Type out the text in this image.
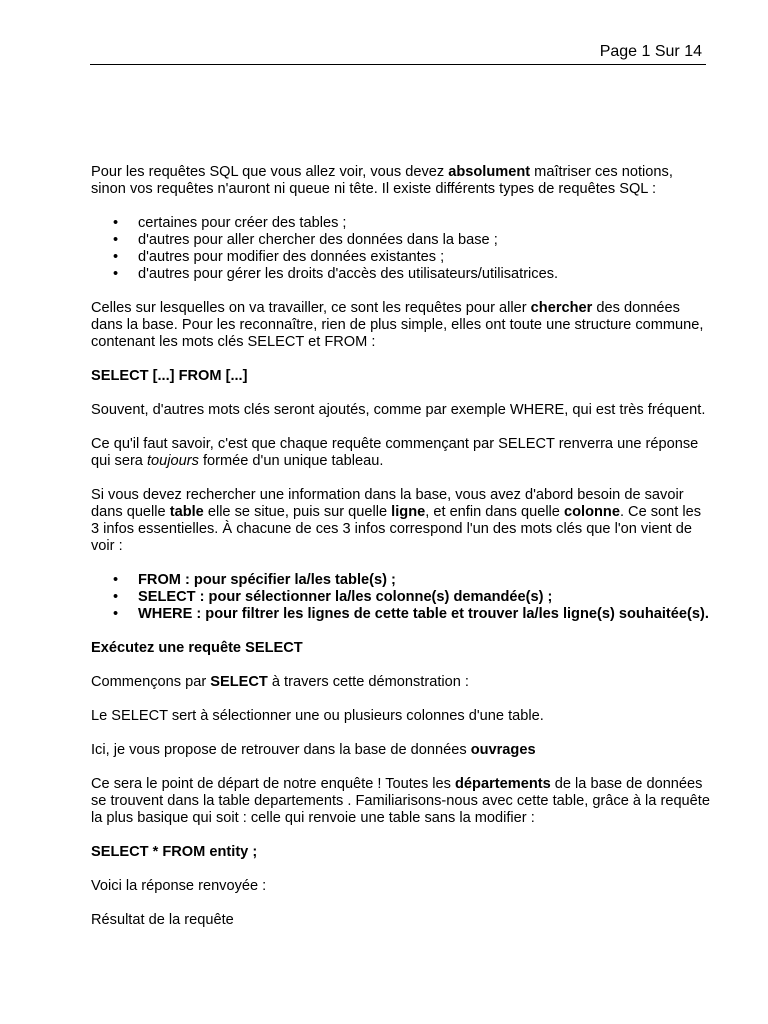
Page 1 Sur 14

Pour les requêtes SQL que vous allez voir, vous devez absolument maîtriser ces notions, sinon vos requêtes n'auront ni queue ni tête. Il existe différents types de requêtes SQL :

• certaines pour créer des tables ;
• d'autres pour aller chercher des données dans la base ;
• d'autres pour modifier des données existantes ;
• d'autres pour gérer les droits d'accès des utilisateurs/utilisatrices.

Celles sur lesquelles on va travailler, ce sont les requêtes pour aller chercher des données dans la base. Pour les reconnaître, rien de plus simple, elles ont toute une structure commune, contenant les mots clés SELECT et FROM :

SELECT [...] FROM [...]

Souvent, d'autres mots clés seront ajoutés, comme par exemple WHERE, qui est très fréquent.

Ce qu'il faut savoir, c'est que chaque requête commençant par SELECT renverra une réponse qui sera toujours formée d'un unique tableau.

Si vous devez rechercher une information dans la base, vous avez d'abord besoin de savoir dans quelle table elle se situe, puis sur quelle ligne, et enfin dans quelle colonne. Ce sont les 3 infos essentielles. À chacune de ces 3 infos correspond l'un des mots clés que l'on vient de voir :

• FROM : pour spécifier la/les table(s) ;
• SELECT : pour sélectionner la/les colonne(s) demandée(s) ;
• WHERE : pour filtrer les lignes de cette table et trouver la/les ligne(s) souhaitée(s).

Exécutez une requête SELECT

Commençons par SELECT à travers cette démonstration :

Le SELECT sert à sélectionner une ou plusieurs colonnes d'une table.

Ici, je vous propose de retrouver dans la base de données ouvrages

Ce sera le point de départ de notre enquête ! Toutes les départements de la base de données se trouvent dans la table departements . Familiarisons-nous avec cette table, grâce à la requête la plus basique qui soit : celle qui renvoie une table sans la modifier :

SELECT * FROM entity ;

Voici la réponse renvoyée :

Résultat de la requête
